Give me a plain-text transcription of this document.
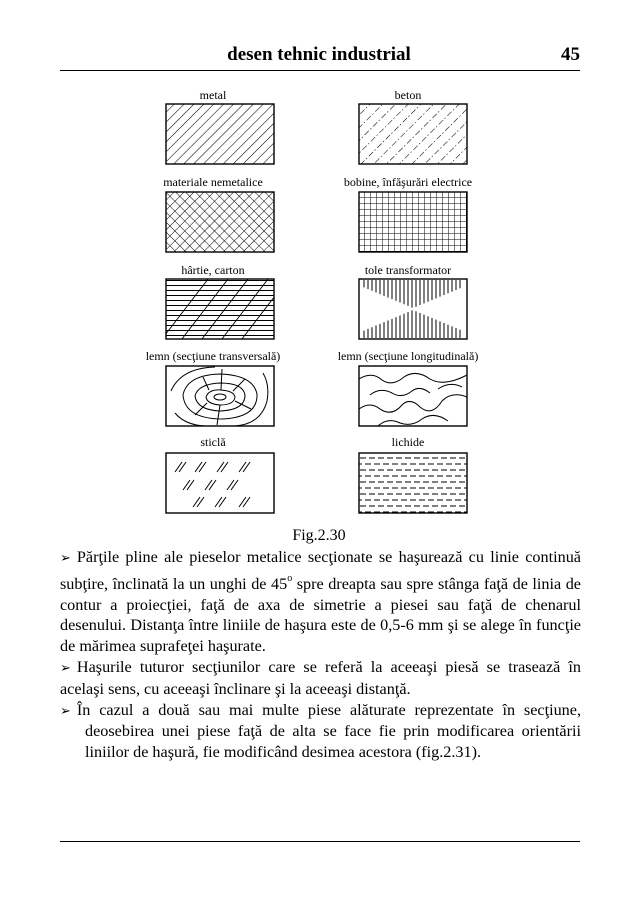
desen tehnic industrial	45
metal	beton
materiale nemetalice	bobine, înfăşurări electrice
hârtie, carton	tole transformator
lemn (secţiune transversală)	lemn (secţiune longitudinală)
sticlă	lichide
Fig.2.30

➢ Părţile pline ale pieselor metalice secţionate se haşurează cu linie continuă subţire, înclinată la un unghi de 45$^o$ spre dreapta sau spre stânga faţă de linia de contur a proiecţiei, faţă de axa de simetrie a piesei sau faţă de chenarul desenului. Distanţa între liniile de haşura este de 0,5-6 mm şi se alege în funcţie de mărimea suprafeţei haşurate.

➢ Haşurile tuturor secţiunilor care se referă la aceeaşi piesă se trasează în acelaşi sens, cu aceeaşi înclinare şi la aceeaşi distanţă.

➢ În cazul a două sau mai multe piese alăturate reprezentate în secţiune, deosebirea unei piese faţă de alta se face fie prin modificarea orientării liniilor de haşură, fie modificând desimea acestora (fig.2.31).
